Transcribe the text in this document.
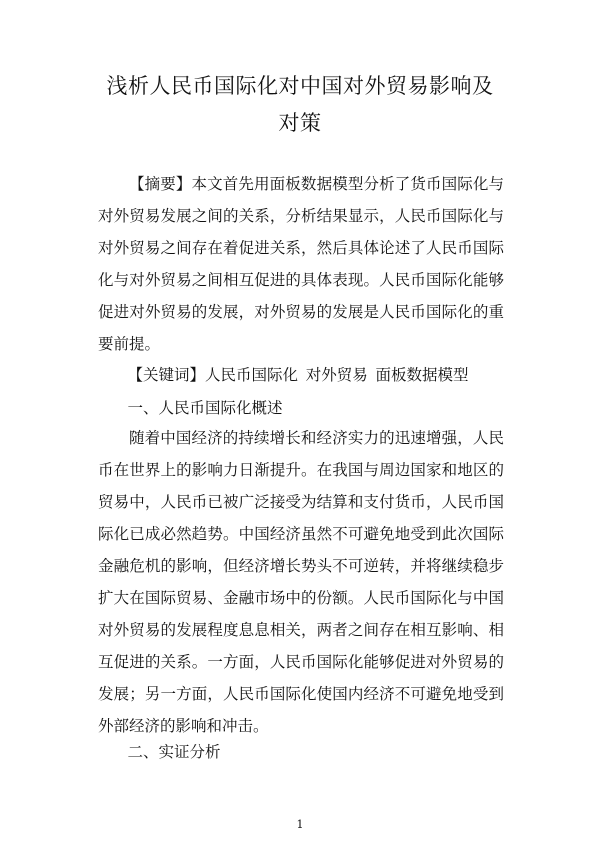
浅析人民币国际化对中国对外贸易影响及对策

【摘要】本文首先用面板数据模型分析了货币国际化与对外贸易发展之间的关系，分析结果显示，人民币国际化与对外贸易之间存在着促进关系，然后具体论述了人民币国际化与对外贸易之间相互促进的具体表现。人民币国际化能够促进对外贸易的发展，对外贸易的发展是人民币国际化的重要前提。

【关键词】人民币国际化 对外贸易 面板数据模型

一、人民币国际化概述

随着中国经济的持续增长和经济实力的迅速增强，人民币在世界上的影响力日渐提升。在我国与周边国家和地区的贸易中，人民币已被广泛接受为结算和支付货币，人民币国际化已成必然趋势。中国经济虽然不可避免地受到此次国际金融危机的影响，但经济增长势头不可逆转，并将继续稳步扩大在国际贸易、金融市场中的份额。人民币国际化与中国对外贸易的发展程度息息相关，两者之间存在相互影响、相互促进的关系。一方面，人民币国际化能够促进对外贸易的发展；另一方面，人民币国际化使国内经济不可避免地受到外部经济的影响和冲击。

二、实证分析

1
